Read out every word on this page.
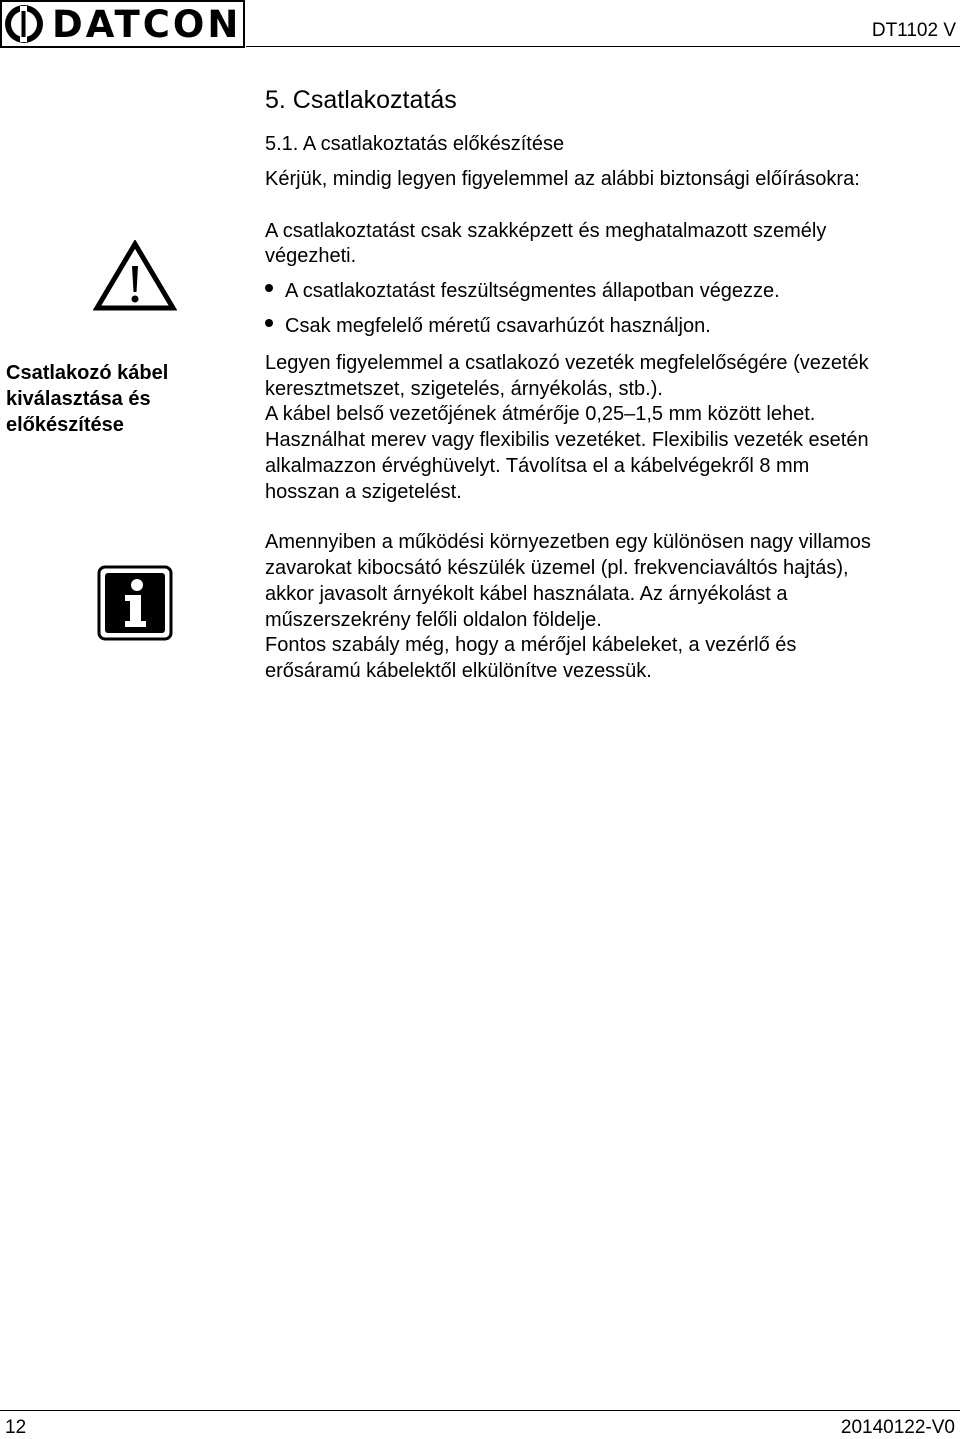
DATCON	DT1102 V
5. Csatlakoztatás
5.1. A csatlakoztatás előkészítése
Kérjük, mindig legyen figyelemmel az alábbi biztonsági előírásokra:
Csatlakozó kábel
kiválasztása és
előkészítése
A csatlakoztatást csak szakképzett és meghatalmazott személy
végezheti.
A csatlakoztatást feszültségmentes állapotban végezze.
Csak megfelelő méretű csavarhúzót használjon.
Legyen figyelemmel a csatlakozó vezeték megfelelőségére (vezeték
keresztmetszet, szigetelés, árnyékolás, stb.).
A kábel belső vezetőjének átmérője 0,25–1,5 mm között lehet.
Használhat merev vagy flexibilis vezetéket. Flexibilis vezeték esetén
alkalmazzon érvéghüvelyt. Távolítsa el a kábelvégekről 8 mm
hosszan a szigetelést.
Amennyiben a működési környezetben egy különösen nagy villamos
zavarokat kibocsátó készülék üzemel (pl. frekvenciaváltós hajtás),
akkor javasolt árnyékolt kábel használata. Az árnyékolást a
műszerszekrény felőli oldalon földelje.
Fontos szabály még, hogy a mérőjel kábeleket, a vezérlő és
erősáramú kábelektől elkülönítve vezessük.
12	20140122-V0
